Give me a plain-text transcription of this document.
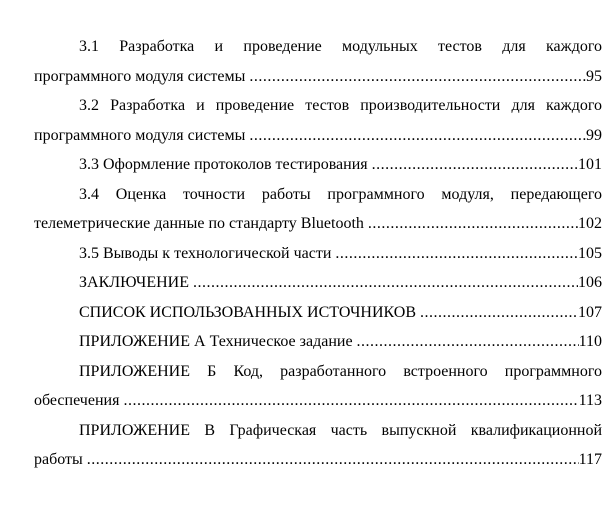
3.1 Разработка и проведение модульных тестов для каждого
программного модуля системы .....	95
3.2 Разработка и проведение тестов производительности для каждого
программного модуля системы .....	99
3.3 Оформление протоколов тестирования .....	101
3.4 Оценка точности работы программного модуля, передающего
телеметрические данные по стандарту Bluetooth .....	102
3.5 Выводы к технологической части .....	105
ЗАКЛЮЧЕНИЕ .....	106
СПИСОК ИСПОЛЬЗОВАННЫХ ИСТОЧНИКОВ .....	107
ПРИЛОЖЕНИЕ А Техническое задание .....	110
ПРИЛОЖЕНИЕ Б Код, разработанного встроенного программного
обеспечения .....	113
ПРИЛОЖЕНИЕ В Графическая часть выпускной квалификационной
работы .....	117
